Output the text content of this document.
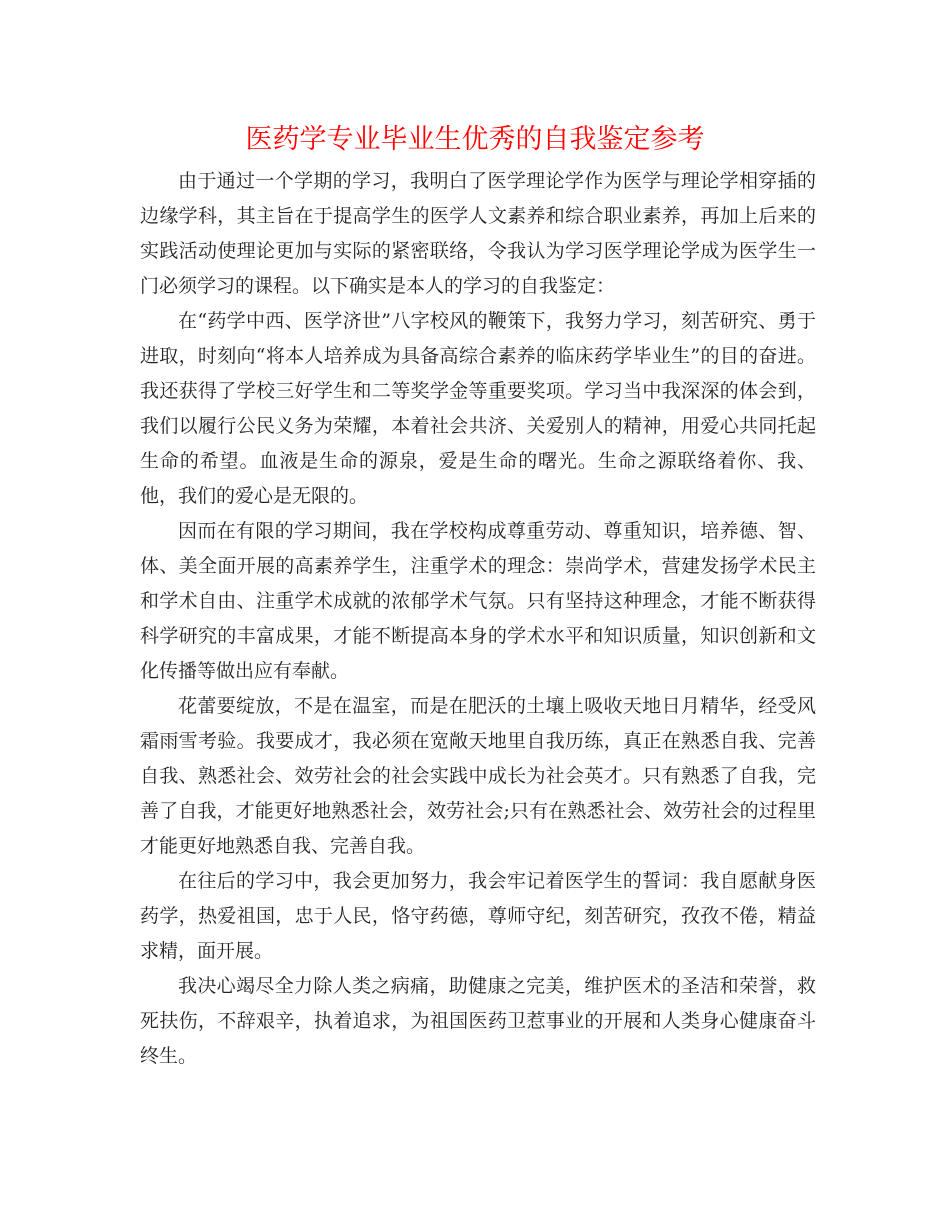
医药学专业毕业生优秀的自我鉴定参考

由于通过一个学期的学习，我明白了医学理论学作为医学与理论学相穿插的边缘学科，其主旨在于提高学生的医学人文素养和综合职业素养，再加上后来的实践活动使理论更加与实际的紧密联络，令我认为学习医学理论学成为医学生一门必须学习的课程。以下确实是本人的学习的自我鉴定：

在“药学中西、医学济世”八字校风的鞭策下，我努力学习，刻苦研究、勇于进取，时刻向“将本人培养成为具备高综合素养的临床药学毕业生”的目的奋进。我还获得了学校三好学生和二等奖学金等重要奖项。学习当中我深深的体会到，我们以履行公民义务为荣耀，本着社会共济、关爱别人的精神，用爱心共同托起生命的希望。血液是生命的源泉，爱是生命的曙光。生命之源联络着你、我、他，我们的爱心是无限的。

因而在有限的学习期间，我在学校构成尊重劳动、尊重知识，培养德、智、体、美全面开展的高素养学生，注重学术的理念：崇尚学术，营建发扬学术民主和学术自由、注重学术成就的浓郁学术气氛。只有坚持这种理念，才能不断获得科学研究的丰富成果，才能不断提高本身的学术水平和知识质量，知识创新和文化传播等做出应有奉献。

花蕾要绽放，不是在温室，而是在肥沃的土壤上吸收天地日月精华，经受风霜雨雪考验。我要成才，我必须在宽敞天地里自我历练，真正在熟悉自我、完善自我、熟悉社会、效劳社会的社会实践中成长为社会英才。只有熟悉了自我，完善了自我，才能更好地熟悉社会，效劳社会;只有在熟悉社会、效劳社会的过程里才能更好地熟悉自我、完善自我。

在往后的学习中，我会更加努力，我会牢记着医学生的誓词：我自愿献身医药学，热爱祖国，忠于人民，恪守药德，尊师守纪，刻苦研究，孜孜不倦，精益求精，面开展。

我决心竭尽全力除人类之病痛，助健康之完美，维护医术的圣洁和荣誉，救死扶伤，不辞艰辛，执着追求，为祖国医药卫惹事业的开展和人类身心健康奋斗终生。
